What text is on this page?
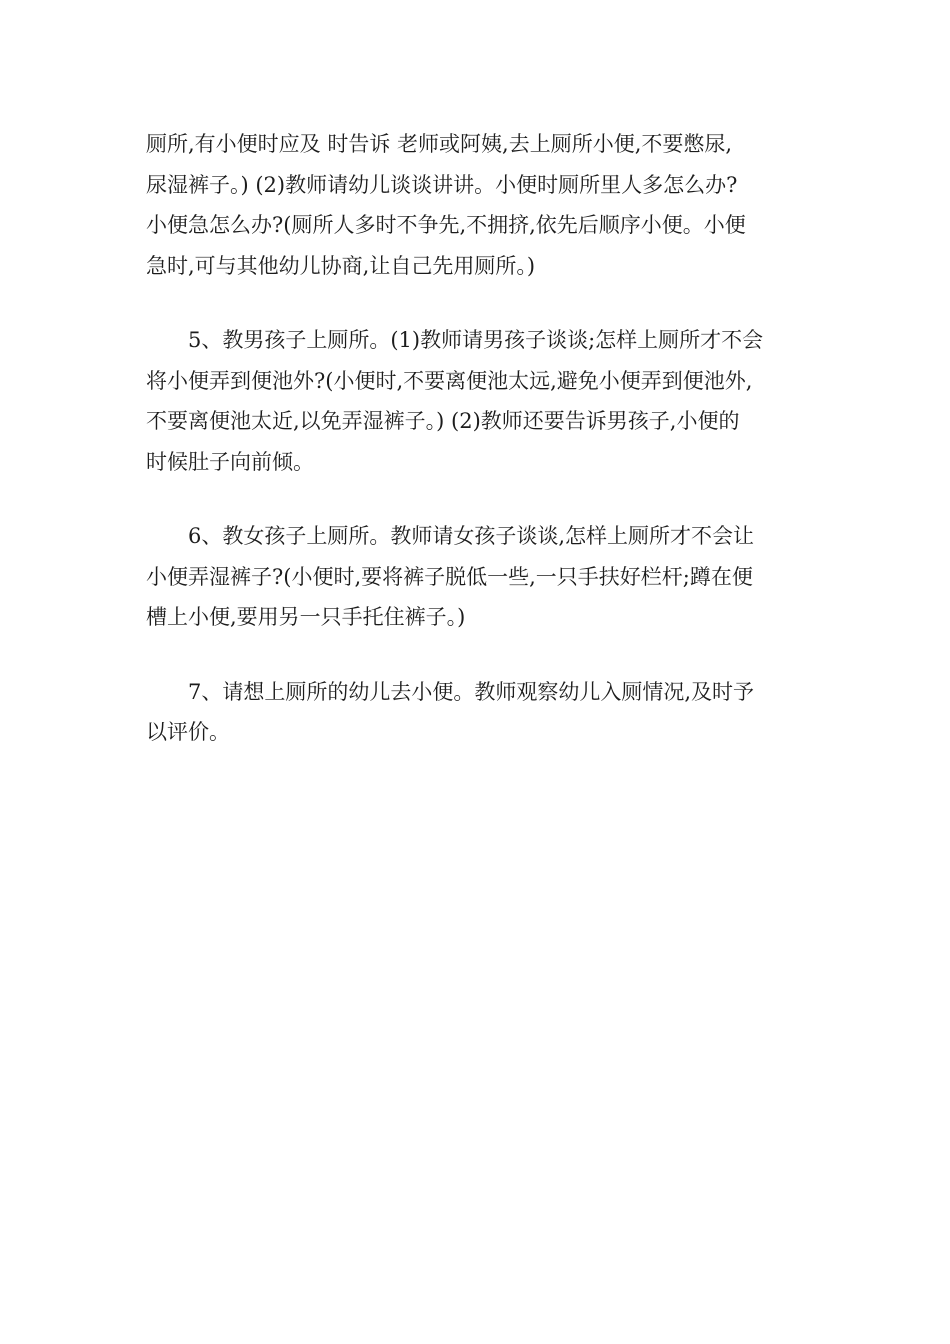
厕所,有小便时应及 时告诉 老师或阿姨,去上厕所小便,不要憋尿,
尿湿裤子。) (2)教师请幼儿谈谈讲讲。小便时厕所里人多怎么办?
小便急怎么办?(厕所人多时不争先,不拥挤,依先后顺序小便。小便
急时,可与其他幼儿协商,让自己先用厕所。)

5、教男孩子上厕所。(1)教师请男孩子谈谈;怎样上厕所才不会
将小便弄到便池外?(小便时,不要离便池太远,避免小便弄到便池外,
不要离便池太近,以免弄湿裤子。) (2)教师还要告诉男孩子,小便的
时候肚子向前倾。

6、教女孩子上厕所。教师请女孩子谈谈,怎样上厕所才不会让
小便弄湿裤子?(小便时,要将裤子脱低一些,一只手扶好栏杆;蹲在便
槽上小便,要用另一只手托住裤子。)

7、请想上厕所的幼儿去小便。教师观察幼儿入厕情况,及时予
以评价。
